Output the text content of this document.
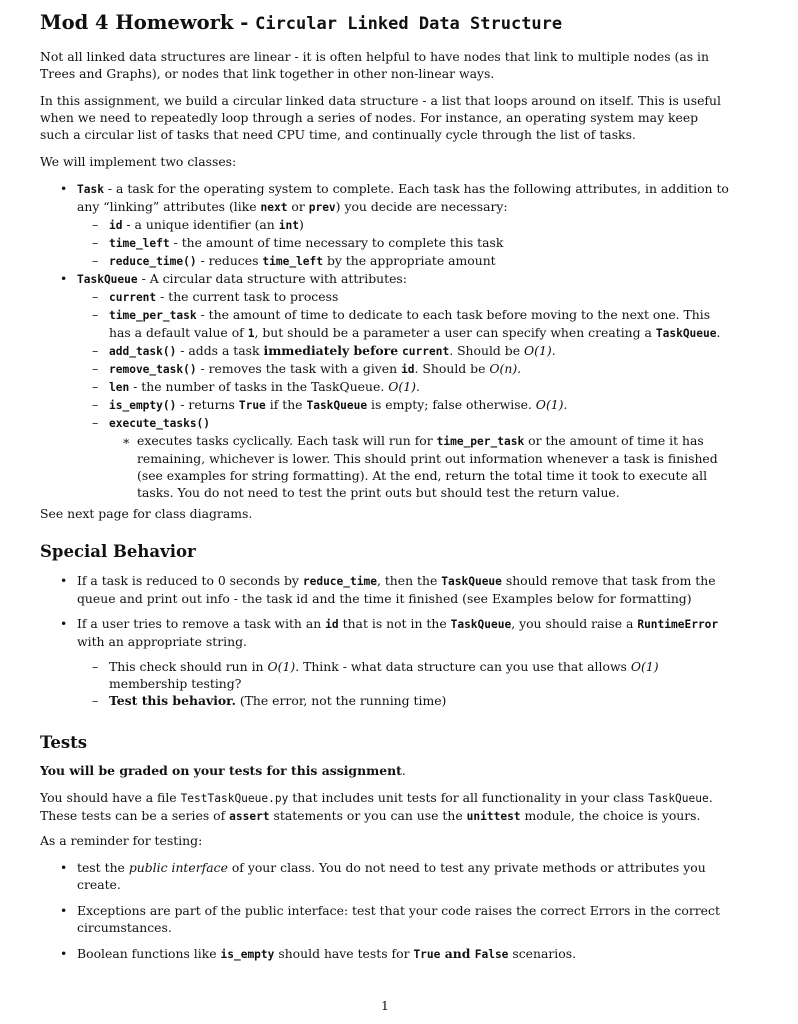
Mod 4 Homework - Circular Linked Data Structure

Not all linked data structures are linear - it is often helpful to have nodes that link to multiple nodes (as in Trees and Graphs), or nodes that link together in other non-linear ways.

In this assignment, we build a circular linked data structure - a list that loops around on itself. This is useful when we need to repeatedly loop through a series of nodes. For instance, an operating system may keep such a circular list of tasks that need CPU time, and continually cycle through the list of tasks.

We will implement two classes:

• Task - a task for the operating system to complete. Each task has the following attributes, in addition to any “linking” attributes (like next or prev) you decide are necessary:
– id - a unique identifier (an int)
– time_left - the amount of time necessary to complete this task
– reduce_time() - reduces time_left by the appropriate amount
• TaskQueue - A circular data structure with attributes:
– current - the current task to process
– time_per_task - the amount of time to dedicate to each task before moving to the next one. This has a default value of 1, but should be a parameter a user can specify when creating a TaskQueue.
– add_task() - adds a task immediately before current. Should be O(1).
– remove_task() - removes the task with a given id. Should be O(n).
– len - the number of tasks in the TaskQueue. O(1).
– is_empty() - returns True if the TaskQueue is empty; false otherwise. O(1).
– execute_tasks()
∗ executes tasks cyclically. Each task will run for time_per_task or the amount of time it has remaining, whichever is lower. This should print out information whenever a task is finished (see examples for string formatting). At the end, return the total time it took to execute all tasks. You do not need to test the print outs but should test the return value.

See next page for class diagrams.

Special Behavior
• If a task is reduced to 0 seconds by reduce_time, then the TaskQueue should remove that task from the queue and print out info - the task id and the time it finished (see Examples below for formatting)
• If a user tries to remove a task with an id that is not in the TaskQueue, you should raise a RuntimeError with an appropriate string.
– This check should run in O(1). Think - what data structure can you use that allows O(1) membership testing?
– Test this behavior. (The error, not the running time)
Tests

You will be graded on your tests for this assignment.

You should have a file TestTaskQueue.py that includes unit tests for all functionality in your class TaskQueue. These tests can be a series of assert statements or you can use the unittest module, the choice is yours.

As a reminder for testing:

• test the public interface of your class. You do not need to test any private methods or attributes you create.
• Exceptions are part of the public interface: test that your code raises the correct Errors in the correct circumstances.
• Boolean functions like is_empty should have tests for True and False scenarios.
1
